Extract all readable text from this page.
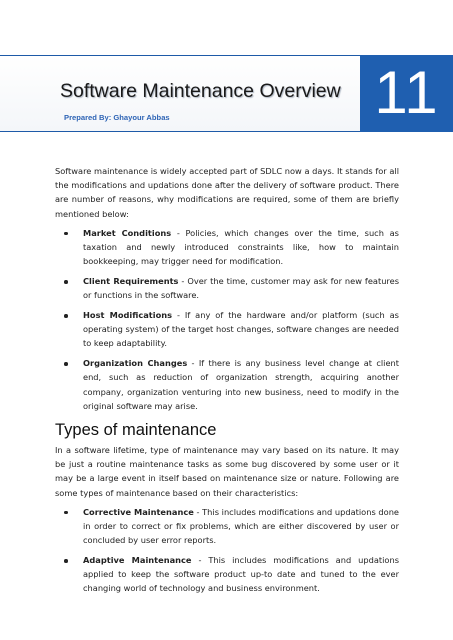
Software Maintenance Overview
Prepared By: Ghayour Abbas	11

Software maintenance is widely accepted part of SDLC now a days. It stands for all the modifications and updations done after the delivery of software product. There are number of reasons, why modifications are required, some of them are briefly mentioned below:

Market Conditions - Policies, which changes over the time, such as taxation and newly introduced constraints like, how to maintain bookkeeping, may trigger need for modification.
Client Requirements - Over the time, customer may ask for new features or functions in the software.
Host Modifications - If any of the hardware and/or platform (such as operating system) of the target host changes, software changes are needed to keep adaptability.
Organization Changes - If there is any business level change at client end, such as reduction of organization strength, acquiring another company, organization venturing into new business, need to modify in the original software may arise.
Types of maintenance

In a software lifetime, type of maintenance may vary based on its nature. It may be just a routine maintenance tasks as some bug discovered by some user or it may be a large event in itself based on maintenance size or nature. Following are some types of maintenance based on their characteristics:

Corrective Maintenance - This includes modifications and updations done in order to correct or fix problems, which are either discovered by user or concluded by user error reports.
Adaptive Maintenance - This includes modifications and updations applied to keep the software product up-to date and tuned to the ever changing world of technology and business environment.
